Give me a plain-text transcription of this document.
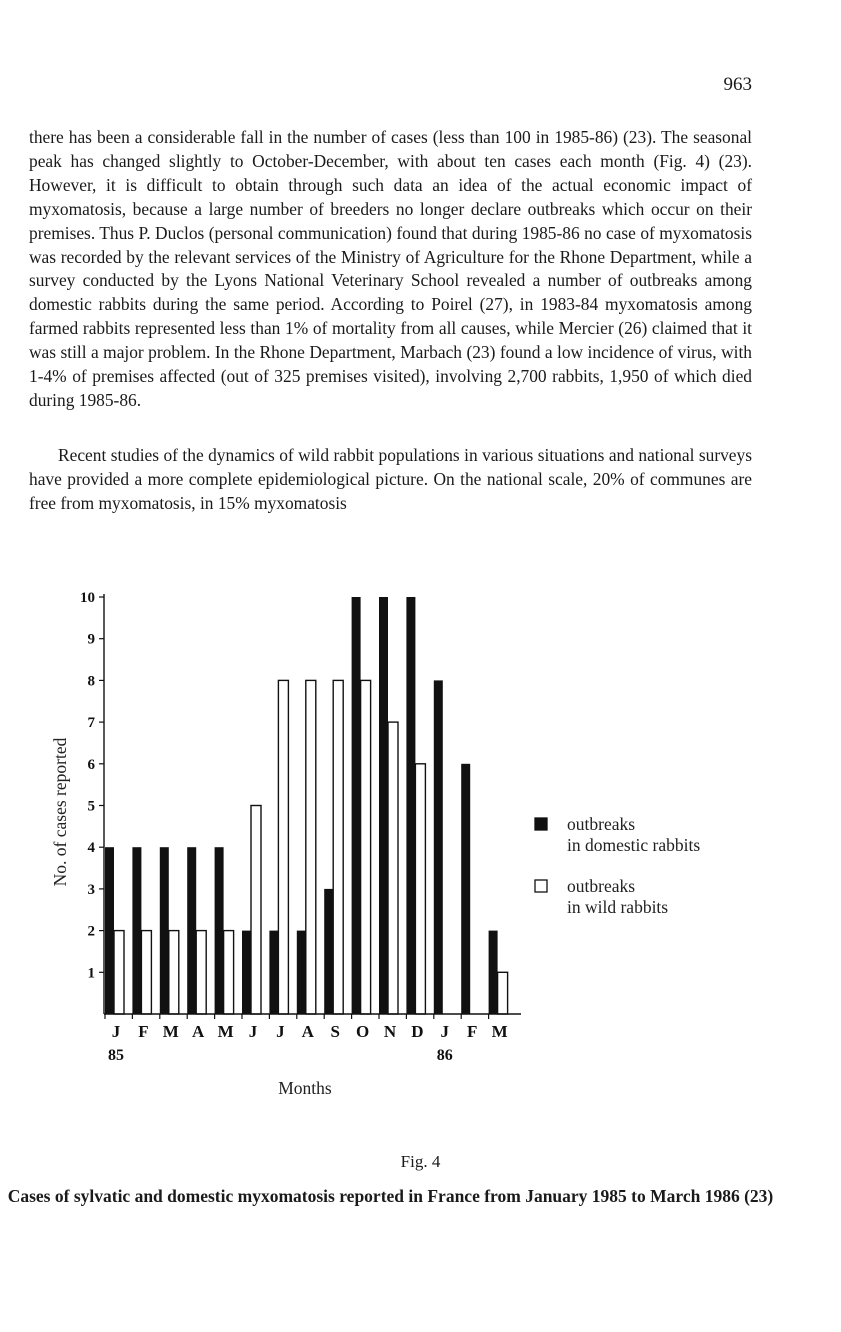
963

there has been a considerable fall in the number of cases (less than 100 in 1985-86) (23). The seasonal peak has changed slightly to October-December, with about ten cases each month (Fig. 4) (23). However, it is difficult to obtain through such data an idea of the actual economic impact of myxomatosis, because a large number of breeders no longer declare outbreaks which occur on their premises. Thus P. Duclos (personal communication) found that during 1985-86 no case of myxomatosis was recorded by the relevant services of the Ministry of Agriculture for the Rhone Department, while a survey conducted by the Lyons National Veterinary School revealed a number of outbreaks among domestic rabbits during the same period. According to Poirel (27), in 1983-84 myxomatosis among farmed rabbits represented less than 1% of mortality from all causes, while Mercier (26) claimed that it was still a major problem. In the Rhone Department, Marbach (23) found a low incidence of virus, with 1-4% of premises affected (out of 325 premises visited), involving 2,700 rabbits, 1,950 of which died during 1985-86.

Recent studies of the dynamics of wild rabbit populations in various situations and national surveys have provided a more complete epidemiological picture. On the national scale, 20% of communes are free from myxomatosis, in 15% myxomatosis

1
2
3
4
5
6
7
8
9
10
J F M A M J J A S O N D J F M
85	86
Months
No. of cases reported	outbreaks
in domestic rabbits
outbreaks
in wild rabbits
Fig. 4
Cases of sylvatic and domestic myxomatosis reported in France from January 1985 to March 1986 (23)
